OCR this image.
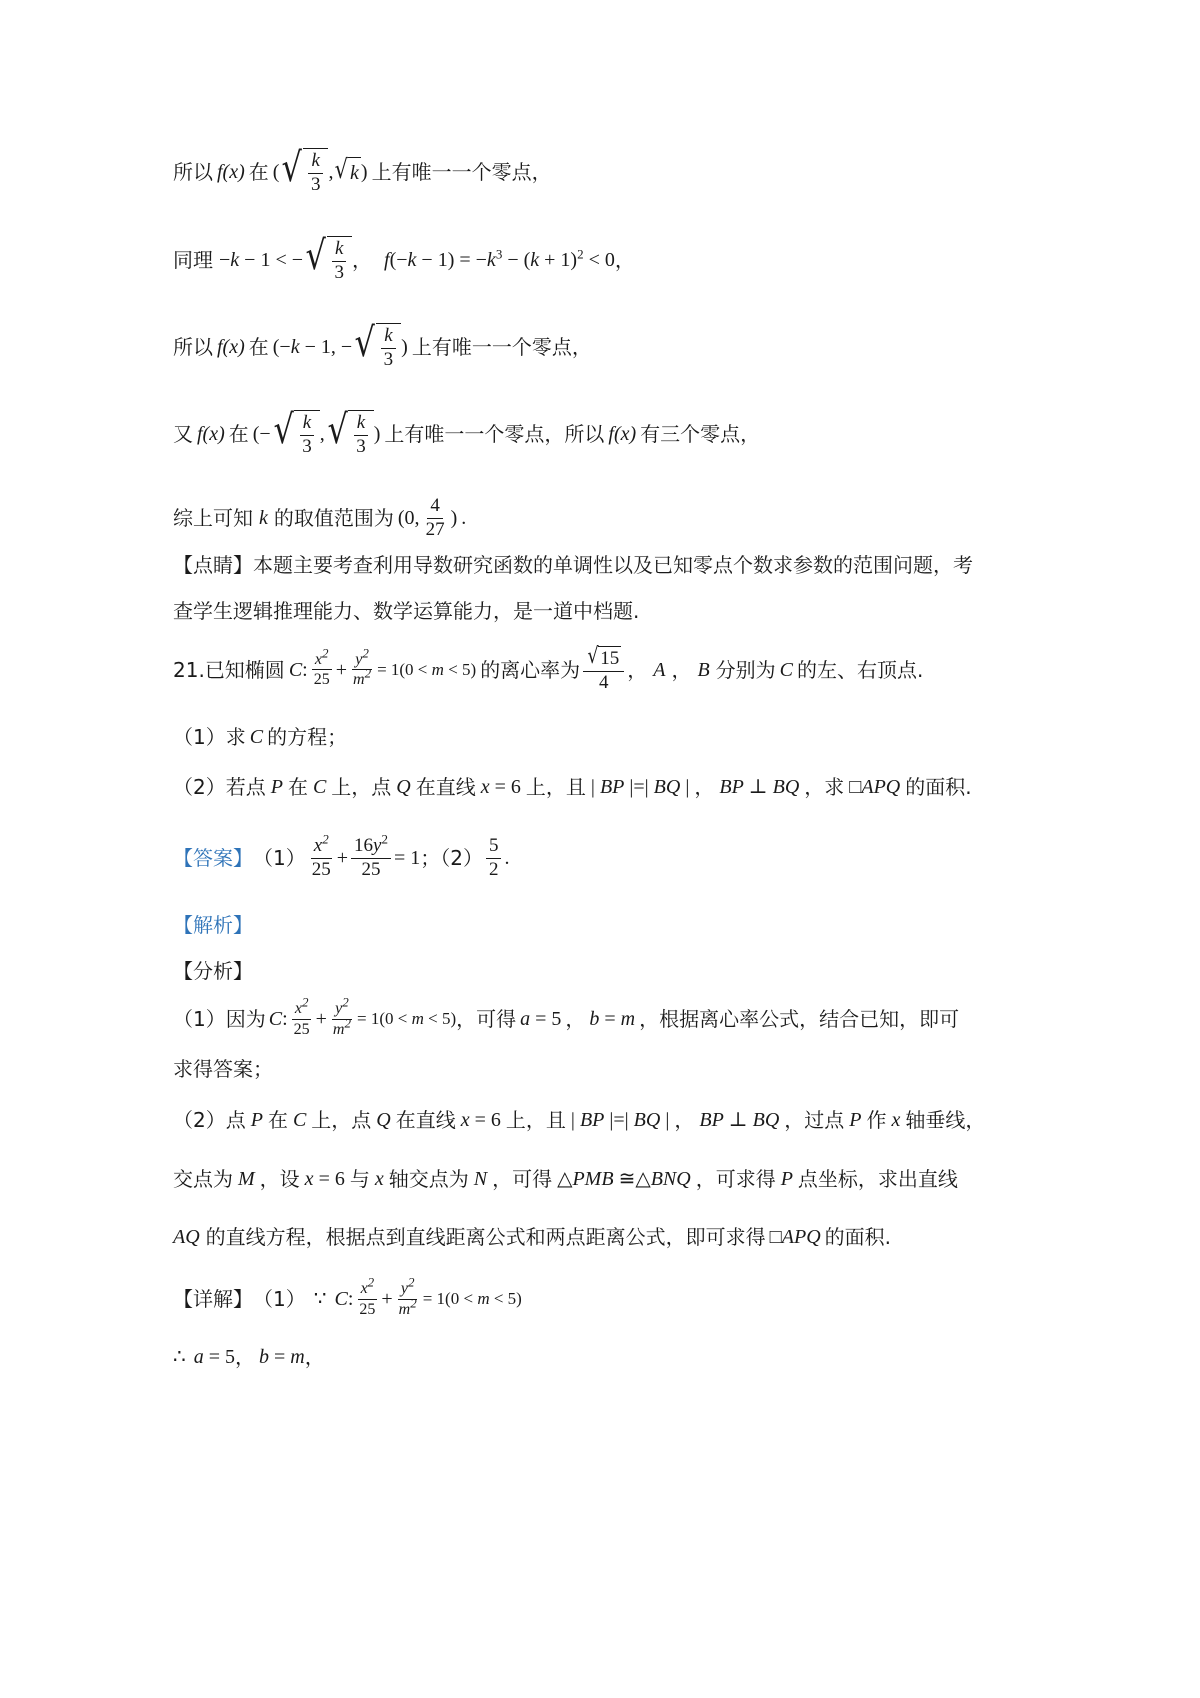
所以 f(x) 在 ( √ $\frac{k}{3}$ , √ k ) 上有唯一一个零点，
同理 −k − 1 < − √ $\frac{k}{3}$ ， $f(-k - 1) = -k^3 - (k + 1)^2 < 0$ ，
所以 f(x) 在 (−k − 1, − √ $\frac{k}{3}$ ) 上有唯一一个零点，
又 f(x) 在 (− √ $\frac{k}{3}$ , √ $\frac{k}{3}$ ) 上有唯一一个零点，所以 f(x) 有三个零点，
综上可知 k 的取值范围为 (0, $\frac{4}{27}$ ) .
【点睛】本题主要考查利用导数研究函数的单调性以及已知零点个数求参数的范围问题，考
查学生逻辑推理能力、数学运算能力，是一道中档题.
21. 已知椭圆 C : $\frac{x^2}{25} + \frac{y^2}{m^2} = 1(0 < m < 5)$ 的离心率为 $\frac{√ 15}{4}$ ， A ， B 分别为 C 的左、右顶点.
（1）求 C 的方程；
（2）若点 P 在 C 上，点 Q 在直线 x = 6 上，且 | BP |=| BQ | ， BP ⊥ BQ ，求 □APQ 的面积.
【答案】 $(1) \frac{x^2}{25} + \frac{16y^2}{25} = 1$ ；$(2) \frac{5}{2}$ .
【解析】
【分析】
（1）因为 C : $\frac{x^2}{25} + \frac{y^2}{m^2} = 1(0 < m < 5)$ ，可得 a = 5 ， b = m ，根据离心率公式，结合已知，即可
求得答案；
（2）点 P 在 C 上，点 Q 在直线 x = 6 上，且 | BP |=| BQ | ， BP ⊥ BQ ，过点 P 作 x 轴垂线，
交点为 M ，设 x = 6 与 x 轴交点为 N ，可得 △PMB ≅△BNQ ，可求得 P 点坐标，求出直线
AQ 的直线方程，根据点到直线距离公式和两点距离公式，即可求得 □APQ 的面积.
【详解】 （1） ∵ C : $\frac{x^2}{25} + \frac{y^2}{m^2} = 1(0 < m < 5)$
∴ a = 5 ， b = m ，
